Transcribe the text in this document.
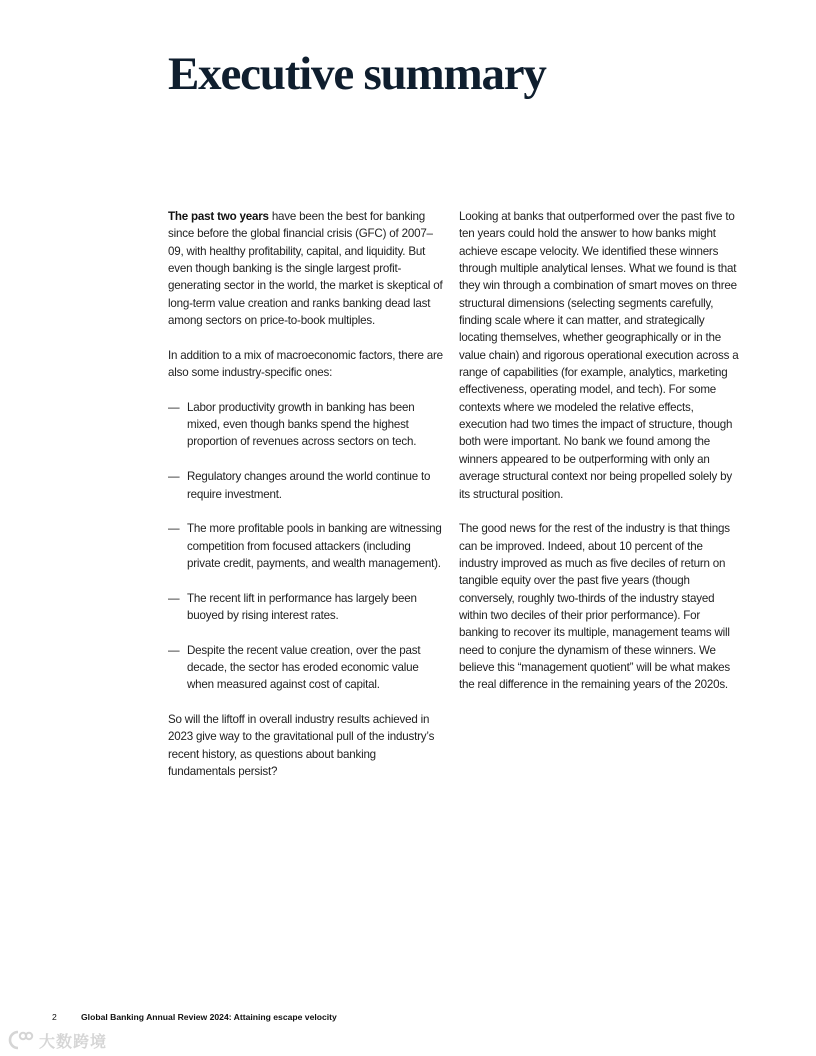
Executive summary

The past two years have been the best for banking since before the global financial crisis (GFC) of 2007–09, with healthy profitability, capital, and liquidity. But even though banking is the single largest profit-generating sector in the world, the market is skeptical of long-term value creation and ranks banking dead last among sectors on price-to-book multiples.

In addition to a mix of macroeconomic factors, there are also some industry-specific ones:

— Labor productivity growth in banking has been mixed, even though banks spend the highest proportion of revenues across sectors on tech.
— Regulatory changes around the world continue to require investment.
— The more profitable pools in banking are witnessing competition from focused attackers (including private credit, payments, and wealth management).
— The recent lift in performance has largely been buoyed by rising interest rates.
— Despite the recent value creation, over the past decade, the sector has eroded economic value when measured against cost of capital.

So will the liftoff in overall industry results achieved in 2023 give way to the gravitational pull of the industry’s recent history, as questions about banking fundamentals persist?

Looking at banks that outperformed over the past five to ten years could hold the answer to how banks might achieve escape velocity. We identified these winners through multiple analytical lenses. What we found is that they win through a combination of smart moves on three structural dimensions (selecting segments carefully, finding scale where it can matter, and strategically locating themselves, whether geographically or in the value chain) and rigorous operational execution across a range of capabilities (for example, analytics, marketing effectiveness, operating model, and tech). For some contexts where we modeled the relative effects, execution had two times the impact of structure, though both were important. No bank we found among the winners appeared to be outperforming with only an average structural context nor being propelled solely by its structural position.

The good news for the rest of the industry is that things can be improved. Indeed, about 10 percent of the industry improved as much as five deciles of return on tangible equity over the past five years (though conversely, roughly two-thirds of the industry stayed within two deciles of their prior performance). For banking to recover its multiple, management teams will need to conjure the dynamism of these winners. We believe this “management quotient” will be what makes the real difference in the remaining years of the 2020s.

2	Global Banking Annual Review 2024: Attaining escape velocity
大数跨境
